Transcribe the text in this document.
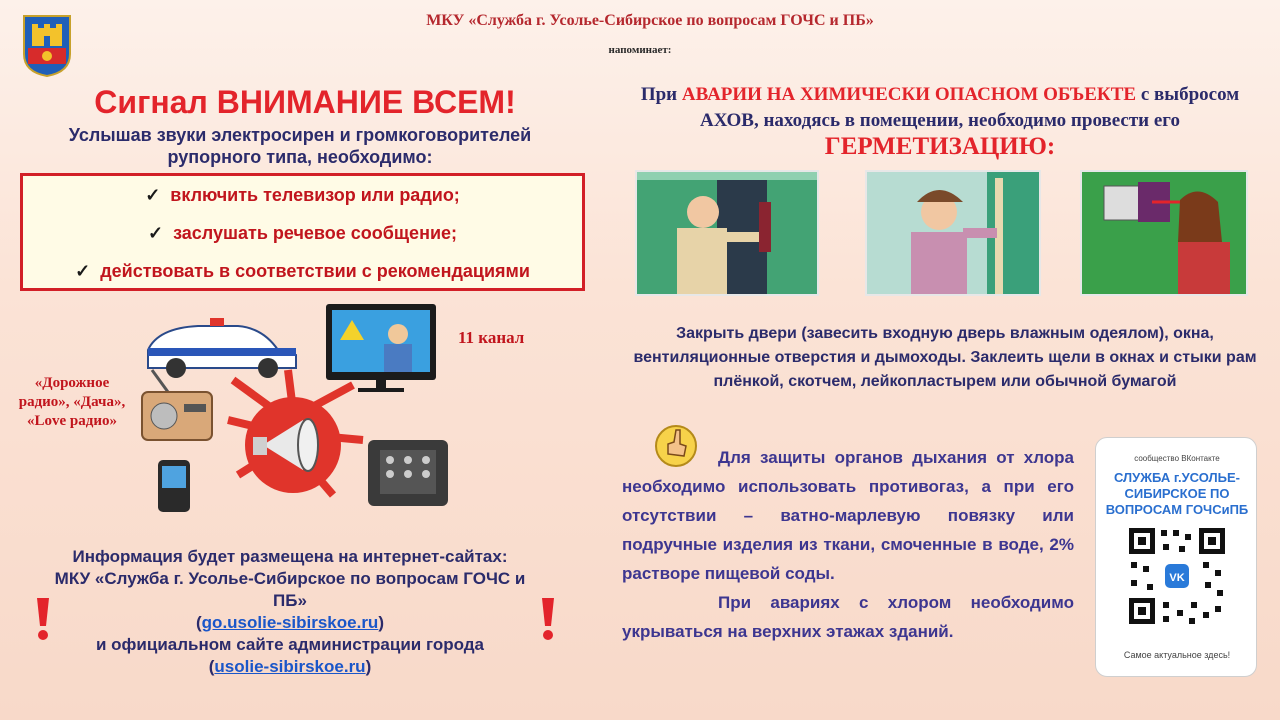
МКУ «Служба г. Усолье-Сибирское по вопросам ГОЧС и ПБ»
напоминает:
Сигнал ВНИМАНИЕ ВСЕМ!
Услышав звуки электросирен и громкоговорителей рупорного типа, необходимо:
✓ включить телевизор или радио;
✓ заслушать речевое сообщение;
✓ действовать в соответствии с рекомендациями
ПОЛИЦИЯ
«Дорожное радио», «Дача», «Love радио»
11 канал
Информация будет размещена на интернет-сайтах:
МКУ «Служба г. Усолье-Сибирское по вопросам ГОЧС и ПБ»
(go.usolie-sibirskoe.ru)
и официальном сайте администрации города
(usolie-sibirskoe.ru)
При АВАРИИ НА ХИМИЧЕСКИ ОПАСНОМ ОБЪЕКТЕ с выбросом АХОВ, находясь в помещении, необходимо провести его ГЕРМЕТИЗАЦИЮ:
Закрыть двери (завесить входную дверь влажным одеялом), окна, вентиляционные отверстия и дымоходы. Заклеить щели в окнах и стыки рам плёнкой, скотчем, лейкопластырем или обычной бумагой
Для защиты органов дыхания от хлора необходимо использовать противогаз, а при его отсутствии – ватно-марлевую повязку или подручные изделия из ткани, смоченные в воде, 2% растворе пищевой соды.
При авариях с хлором необходимо укрываться на верхних этажах зданий.
сообщество ВКонтакте
СЛУЖБА г.УСОЛЬЕ-СИБИРСКОЕ ПО ВОПРОСАМ ГОЧСиПБ
VK
Самое актуальное здесь!
